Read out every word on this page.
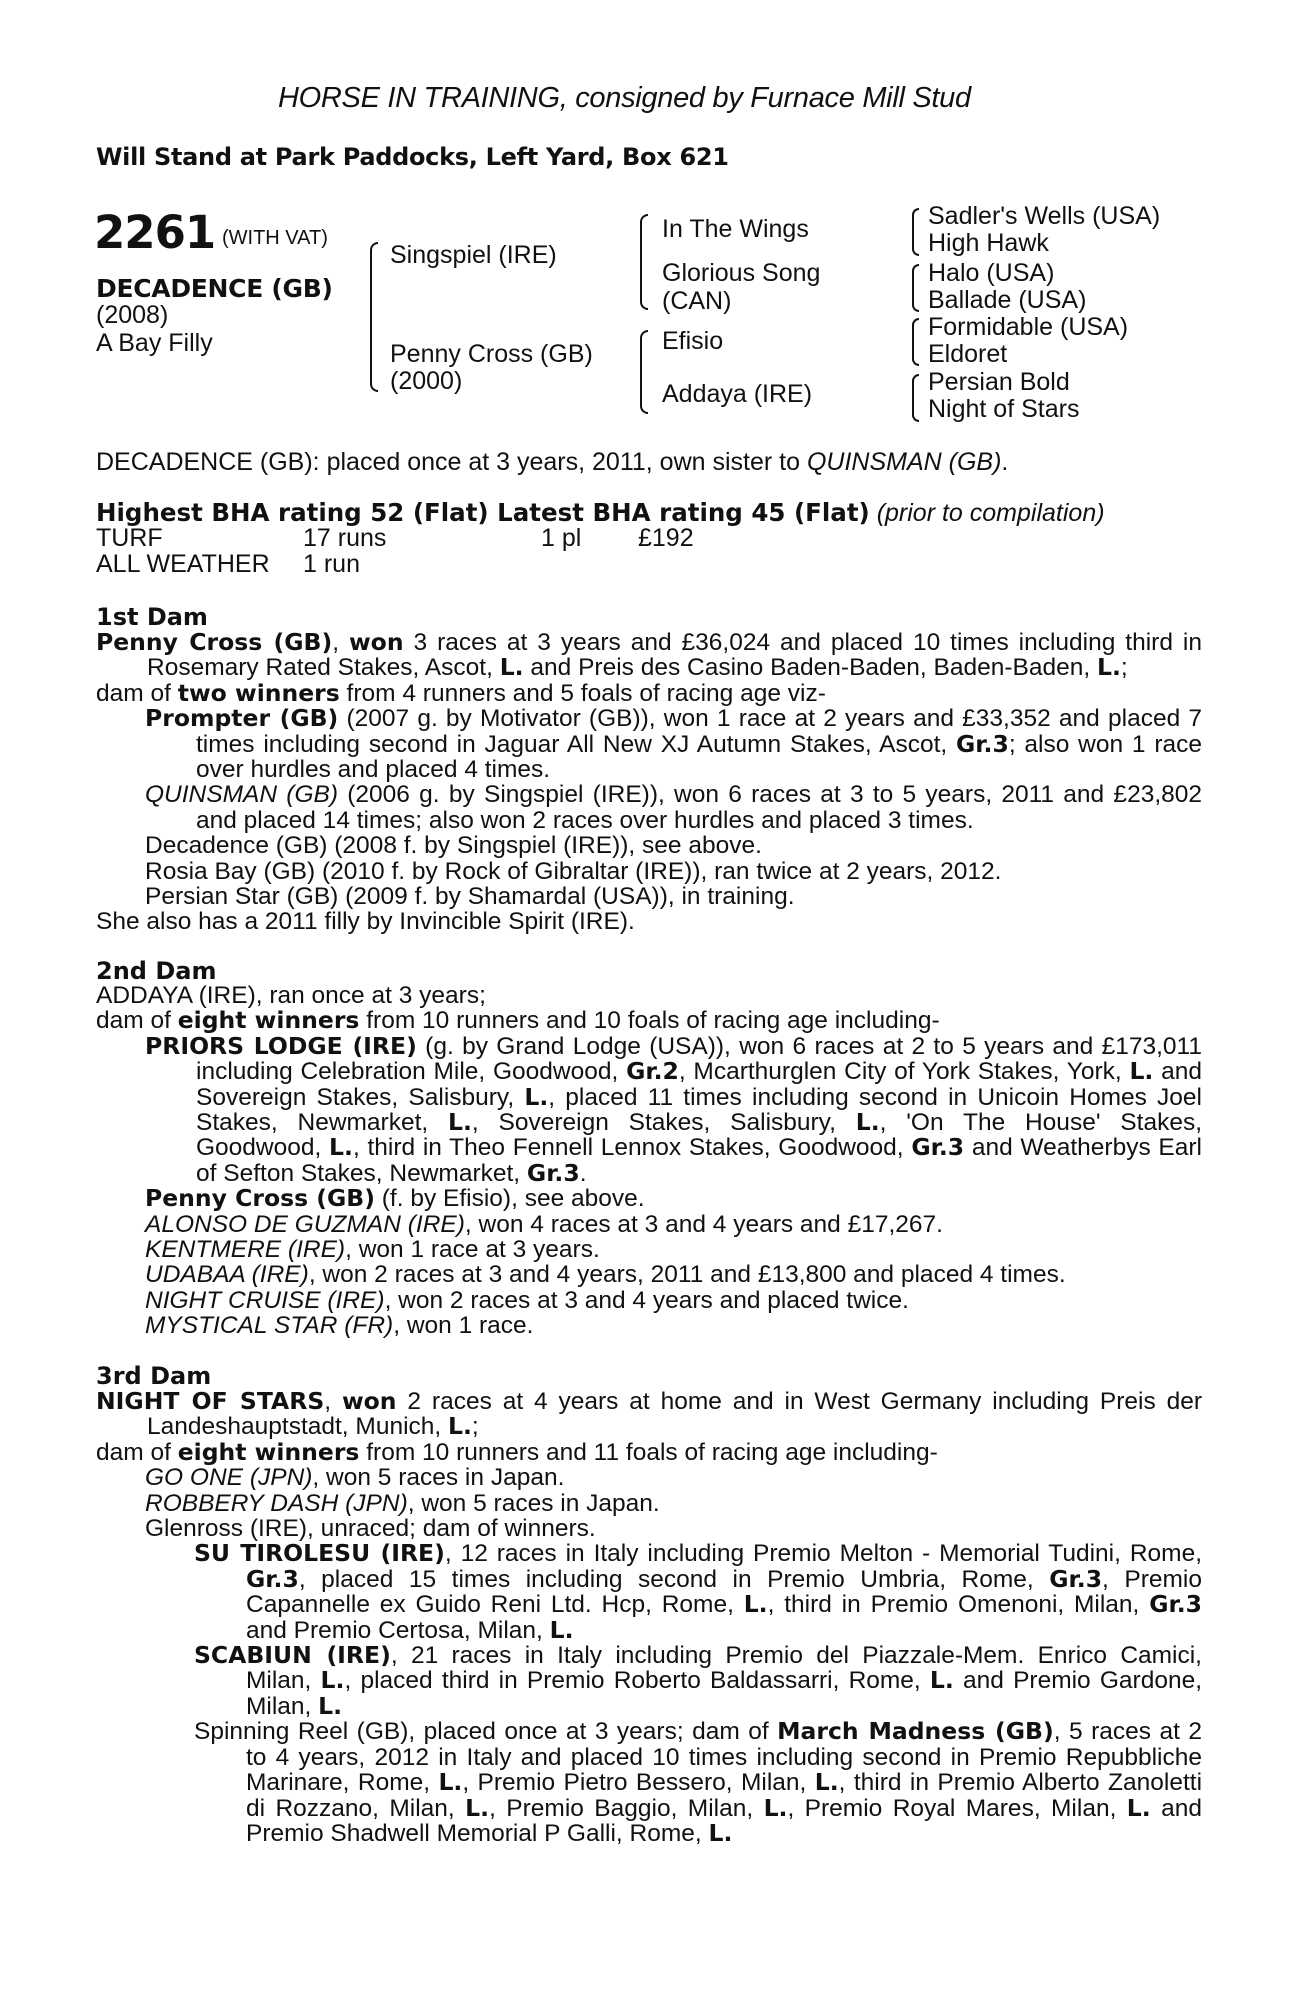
HORSE IN TRAINING, consigned by Furnace Mill Stud
Will Stand at Park Paddocks, Left Yard, Box 621
2261 (WITH VAT)
DECADENCE (GB)
(2008)
A Bay Filly
Singspiel (IRE)
Penny Cross (GB)
(2000)
In The Wings
Glorious Song
(CAN)
Efisio
Addaya (IRE)
Sadler's Wells (USA)
High Hawk
Halo (USA)
Ballade (USA)
Formidable (USA)
Eldoret
Persian Bold
Night of Stars
DECADENCE (GB): placed once at 3 years, 2011, own sister to QUINSMAN (GB).
Highest BHA rating 52 (Flat) Latest BHA rating 45 (Flat) (prior to compilation)
TURF	17 runs	1 pl £192
ALL WEATHER 1 run
1st Dam

Penny Cross (GB), won 3 races at 3 years and £36,024 and placed 10 times including third in Rosemary Rated Stakes, Ascot, L. and Preis des Casino Baden-Baden, Baden-Baden, L.;

dam of two winners from 4 runners and 5 foals of racing age viz-

Prompter (GB) (2007 g. by Motivator (GB)), won 1 race at 2 years and £33,352 and placed 7 times including second in Jaguar All New XJ Autumn Stakes, Ascot, Gr.3; also won 1 race over hurdles and placed 4 times.

QUINSMAN (GB) (2006 g. by Singspiel (IRE)), won 6 races at 3 to 5 years, 2011 and £23,802 and placed 14 times; also won 2 races over hurdles and placed 3 times.

Decadence (GB) (2008 f. by Singspiel (IRE)), see above.

Rosia Bay (GB) (2010 f. by Rock of Gibraltar (IRE)), ran twice at 2 years, 2012.

Persian Star (GB) (2009 f. by Shamardal (USA)), in training.

She also has a 2011 filly by Invincible Spirit (IRE).

2nd Dam

ADDAYA (IRE), ran once at 3 years;

dam of eight winners from 10 runners and 10 foals of racing age including-

PRIORS LODGE (IRE) (g. by Grand Lodge (USA)), won 6 races at 2 to 5 years and £173,011 including Celebration Mile, Goodwood, Gr.2, Mcarthurglen City of York Stakes, York, L. and Sovereign Stakes, Salisbury, L., placed 11 times including second in Unicoin Homes Joel Stakes, Newmarket, L., Sovereign Stakes, Salisbury, L., 'On The House' Stakes, Goodwood, L., third in Theo Fennell Lennox Stakes, Goodwood, Gr.3 and Weatherbys Earl of Sefton Stakes, Newmarket, Gr.3.

Penny Cross (GB) (f. by Efisio), see above.

ALONSO DE GUZMAN (IRE), won 4 races at 3 and 4 years and £17,267.

KENTMERE (IRE), won 1 race at 3 years.

UDABAA (IRE), won 2 races at 3 and 4 years, 2011 and £13,800 and placed 4 times.

NIGHT CRUISE (IRE), won 2 races at 3 and 4 years and placed twice.

MYSTICAL STAR (FR), won 1 race.

3rd Dam

NIGHT OF STARS, won 2 races at 4 years at home and in West Germany including Preis der Landeshauptstadt, Munich, L.;

dam of eight winners from 10 runners and 11 foals of racing age including-

GO ONE (JPN), won 5 races in Japan.

ROBBERY DASH (JPN), won 5 races in Japan.

Glenross (IRE), unraced; dam of winners.

SU TIROLESU (IRE), 12 races in Italy including Premio Melton - Memorial Tudini, Rome, Gr.3, placed 15 times including second in Premio Umbria, Rome, Gr.3, Premio Capannelle ex Guido Reni Ltd. Hcp, Rome, L., third in Premio Omenoni, Milan, Gr.3 and Premio Certosa, Milan, L.

SCABIUN (IRE), 21 races in Italy including Premio del Piazzale-Mem. Enrico Camici, Milan, L., placed third in Premio Roberto Baldassarri, Rome, L. and Premio Gardone, Milan, L.

Spinning Reel (GB), placed once at 3 years; dam of March Madness (GB), 5 races at 2 to 4 years, 2012 in Italy and placed 10 times including second in Premio Repubbliche Marinare, Rome, L., Premio Pietro Bessero, Milan, L., third in Premio Alberto Zanoletti di Rozzano, Milan, L., Premio Baggio, Milan, L., Premio Royal Mares, Milan, L. and Premio Shadwell Memorial P Galli, Rome, L.
